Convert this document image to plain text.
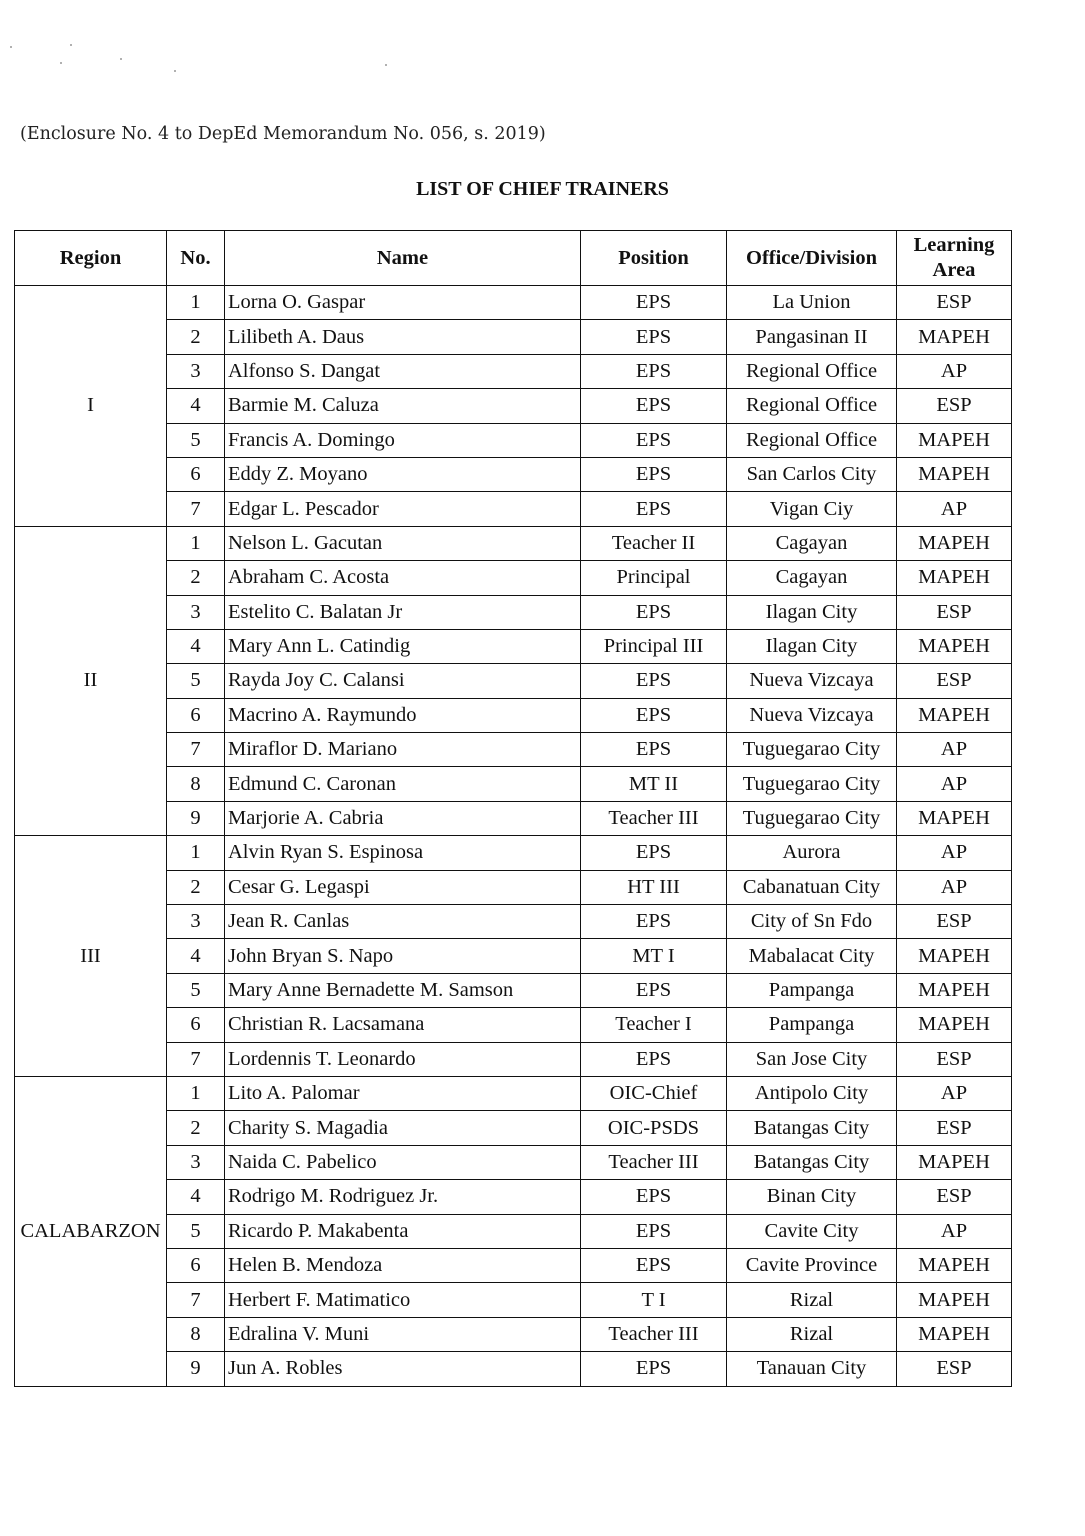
(Enclosure No. 4 to DepEd Memorandum No. 056, s. 2019)
LIST OF CHIEF TRAINERS
Region	No.	Name	Position	Office/Division	Learning Area
I	1	Lorna O. Gaspar	EPS	La Union	ESP
	2	Lilibeth A. Daus	EPS	Pangasinan II	MAPEH
	3	Alfonso S. Dangat	EPS	Regional Office	AP
	4	Barmie M. Caluza	EPS	Regional Office	ESP
	5	Francis A. Domingo	EPS	Regional Office	MAPEH
	6	Eddy Z. Moyano	EPS	San Carlos City	MAPEH
	7	Edgar L. Pescador	EPS	Vigan Ciy	AP
II	1	Nelson L. Gacutan	Teacher II	Cagayan	MAPEH
	2	Abraham C. Acosta	Principal	Cagayan	MAPEH
	3	Estelito C. Balatan Jr	EPS	Ilagan City	ESP
	4	Mary Ann L. Catindig	Principal III	Ilagan City	MAPEH
	5	Rayda Joy C. Calansi	EPS	Nueva Vizcaya	ESP
	6	Macrino A. Raymundo	EPS	Nueva Vizcaya	MAPEH
	7	Miraflor D. Mariano	EPS	Tuguegarao City	AP
	8	Edmund C. Caronan	MT II	Tuguegarao City	AP
	9	Marjorie A. Cabria	Teacher III	Tuguegarao City	MAPEH
III	1	Alvin Ryan S. Espinosa	EPS	Aurora	AP
	2	Cesar G. Legaspi	HT III	Cabanatuan City	AP
	3	Jean R. Canlas	EPS	City of Sn Fdo	ESP
	4	John Bryan S. Napo	MT I	Mabalacat City	MAPEH
	5	Mary Anne Bernadette M. Samson	EPS	Pampanga	MAPEH
	6	Christian R. Lacsamana	Teacher I	Pampanga	MAPEH
	7	Lordennis T. Leonardo	EPS	San Jose City	ESP
CALABARZON	1	Lito A. Palomar	OIC-Chief	Antipolo City	AP
	2	Charity S. Magadia	OIC-PSDS	Batangas City	ESP
	3	Naida C. Pabelico	Teacher III	Batangas City	MAPEH
	4	Rodrigo M. Rodriguez Jr.	EPS	Binan City	ESP
	5	Ricardo P. Makabenta	EPS	Cavite City	AP
	6	Helen B. Mendoza	EPS	Cavite Province	MAPEH
	7	Herbert F. Matimatico	T I	Rizal	MAPEH
	8	Edralina V. Muni	Teacher III	Rizal	MAPEH
	9	Jun A. Robles	EPS	Tanauan City	ESP
